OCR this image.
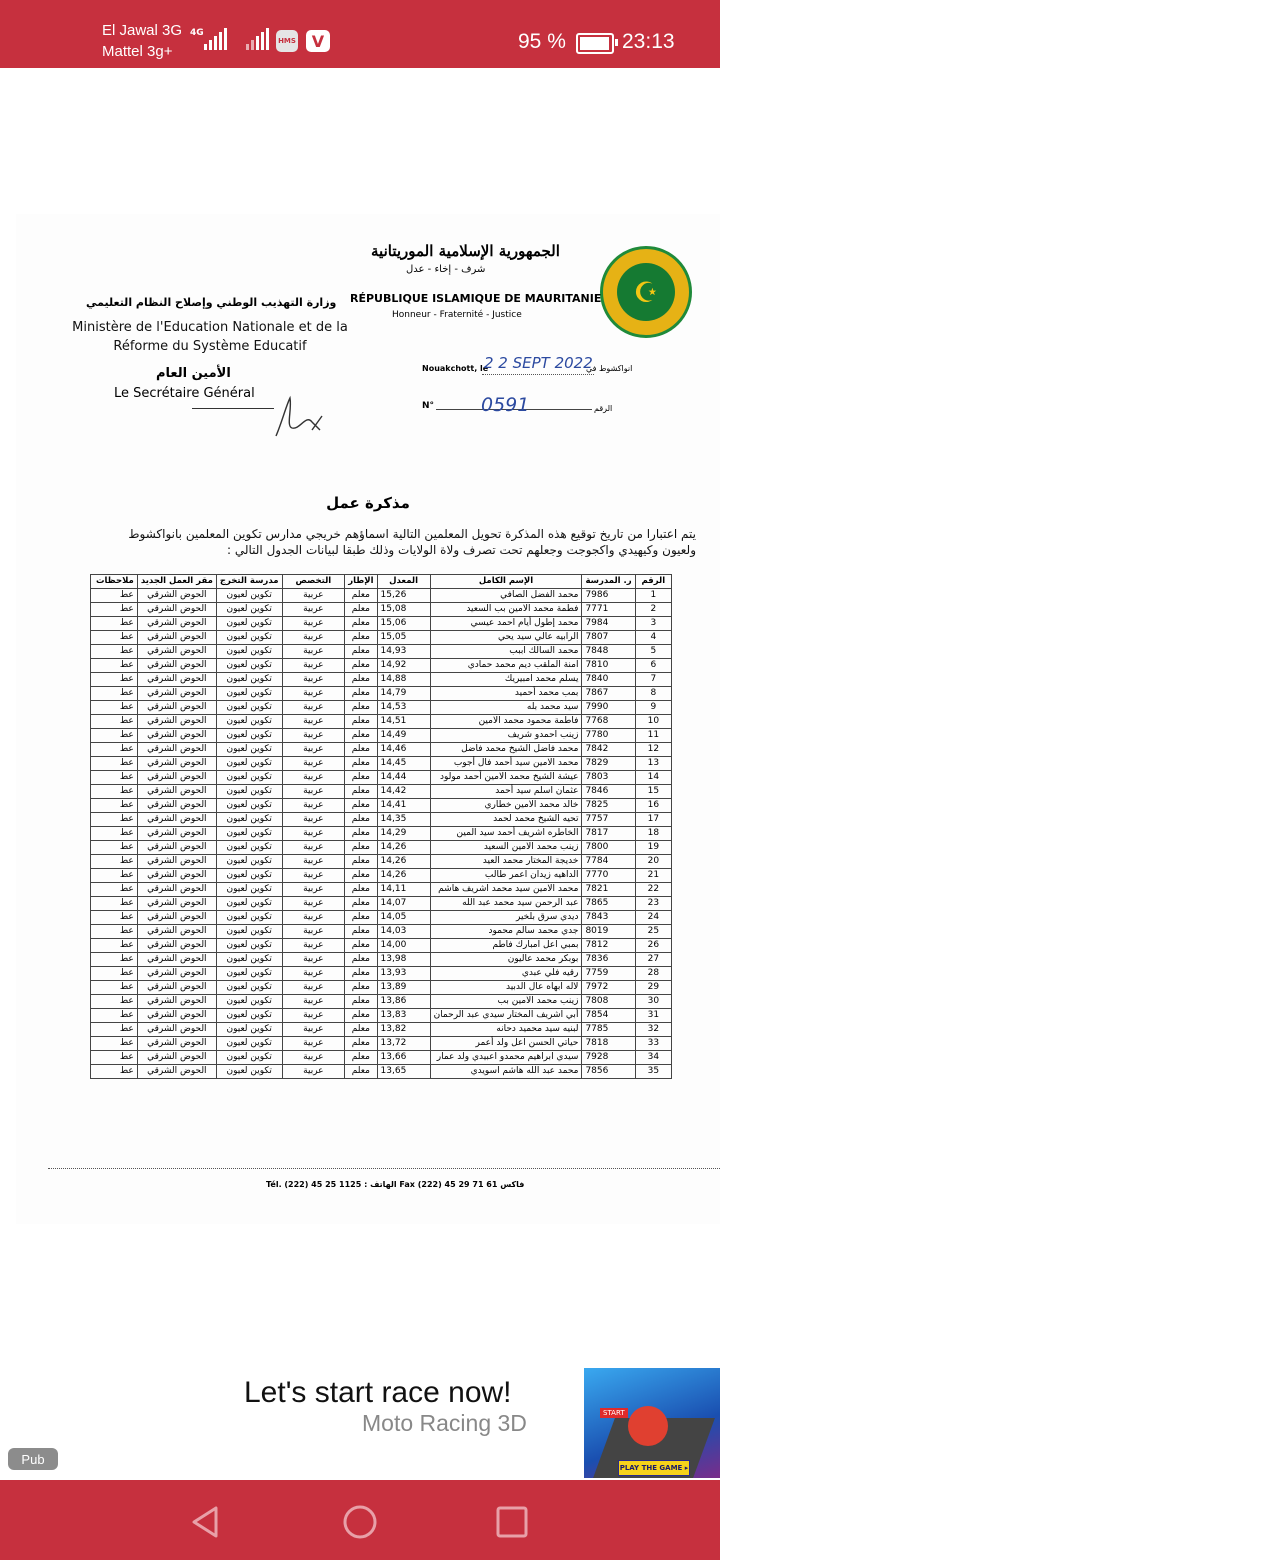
El Jawal 3G
Mattel 3g+
4G
HMS V	95 %	23:13
☪
الجمهورية الإسلامية الموريتانية
شرف - إخاء - عدل
RÉPUBLIQUE ISLAMIQUE DE MAURITANIE
Honneur - Fraternité - Justice
وزارة التهذيب الوطني وإصلاح النظام التعليمي
Ministère de l'Education Nationale et de la Réforme du Système Educatif
الأمين العام
Le Secrétaire Général
Nouakchott, le
2 2 SEPT 2022
انواكشوط في
N° 0591	الرقم
مذكرة عمل
يتم اعتبارا من تاريخ توقيع هذه المذكرة تحويل المعلمين التالية اسماؤهم خريجي مدارس تكوين المعلمين بانواكشوط ولعيون وكيهيدي واكجوجت وجعلهم تحت تصرف ولاة الولايات وذلك طبقا لبيانات الجدول التالي :
الرقم	ر. المدرسة	الإسم الكامل	المعدل	الإطار	التخصص	مدرسة التخرج	مقر العمل الجديد	ملاحظات
1	7986	محمد الفضل الصافي	15,26	معلم	عربية	تكوين لعيون	الحوض الشرقي	عط
2	7771	فطمة محمد الامين بب السعيد	15,08	معلم	عربية	تكوين لعيون	الحوض الشرقي	عط
3	7984	محمد إطول أيام احمد عيسي	15,06	معلم	عربية	تكوين لعيون	الحوض الشرقي	عط
4	7807	الرابيه عالي سيد يحي	15,05	معلم	عربية	تكوين لعيون	الحوض الشرقي	عط
5	7848	محمد السالك اببب	14,93	معلم	عربية	تكوين لعيون	الحوض الشرقي	عط
6	7810	امنة الملقب ديم محمد حمادي	14,92	معلم	عربية	تكوين لعيون	الحوض الشرقي	عط
7	7840	يسلم محمد امبيريك	14,88	معلم	عربية	تكوين لعيون	الحوض الشرقي	عط
8	7867	بمب محمد أحميد	14,79	معلم	عربية	تكوين لعيون	الحوض الشرقي	عط
9	7990	سيد محمد بله	14,53	معلم	عربية	تكوين لعيون	الحوض الشرقي	عط
10	7768	فاطمة محمود محمد الامين	14,51	معلم	عربية	تكوين لعيون	الحوض الشرقي	عط
11	7780	زينب احمدو شريف	14,49	معلم	عربية	تكوين لعيون	الحوض الشرقي	عط
12	7842	محمد فاضل الشيخ محمد فاضل	14,46	معلم	عربية	تكوين لعيون	الحوض الشرقي	عط
13	7829	محمد الامين سيد أحمد فال أجوب	14,45	معلم	عربية	تكوين لعيون	الحوض الشرقي	عط
14	7803	عيشة الشيخ محمد الامين أحمد مولود	14,44	معلم	عربية	تكوين لعيون	الحوض الشرقي	عط
15	7846	عثمان اسلم سيد أحمد	14,42	معلم	عربية	تكوين لعيون	الحوض الشرقي	عط
16	7825	خالد محمد الامين خطاري	14,41	معلم	عربية	تكوين لعيون	الحوض الشرقي	عط
17	7757	تحيه الشيخ محمد لحمد	14,35	معلم	عربية	تكوين لعيون	الحوض الشرقي	عط
18	7817	الخاطره اشريف أحمد سيد المين	14,29	معلم	عربية	تكوين لعيون	الحوض الشرقي	عط
19	7800	زينب محمد الامين السعيد	14,26	معلم	عربية	تكوين لعيون	الحوض الشرقي	عط
20	7784	خديجة المختار محمد العيد	14,26	معلم	عربية	تكوين لعيون	الحوض الشرقي	عط
21	7770	الداهيه زيدان اعمر طالب	14,26	معلم	عربية	تكوين لعيون	الحوض الشرقي	عط
22	7821	محمد الامين سيد محمد اشريف هاشم	14,11	معلم	عربية	تكوين لعيون	الحوض الشرقي	عط
23	7865	عبد الرحمن سيد محمد عبد الله	14,07	معلم	عربية	تكوين لعيون	الحوض الشرقي	عط
24	7843	ديدي سرق بلخير	14,05	معلم	عربية	تكوين لعيون	الحوض الشرقي	عط
25	8019	جدي محمد سالم محمود	14,03	معلم	عربية	تكوين لعيون	الحوض الشرقي	عط
26	7812	بمبي اعل امبارك فاطم	14,00	معلم	عربية	تكوين لعيون	الحوض الشرقي	عط
27	7836	بوبكر محمد عاليون	13,98	معلم	عربية	تكوين لعيون	الحوض الشرقي	عط
28	7759	رقيه فلي عبدي	13,93	معلم	عربية	تكوين لعيون	الحوض الشرقي	عط
29	7972	لاله ابهاه عال الدبيد	13,89	معلم	عربية	تكوين لعيون	الحوض الشرقي	عط
30	7808	زينب محمد الامين بب	13,86	معلم	عربية	تكوين لعيون	الحوض الشرقي	عط
31	7854	أبي اشريف المختار سيدي عبد الرحمان	13,83	معلم	عربية	تكوين لعيون	الحوض الشرقي	عط
32	7785	لبنيه سيد محميد دحانه	13,82	معلم	عربية	تكوين لعيون	الحوض الشرقي	عط
33	7818	حياتي الحسن اعل ولد أعمر	13,72	معلم	عربية	تكوين لعيون	الحوض الشرقي	عط
34	7928	سيدي ابراهيم محمدو اعبيدي ولد عمار	13,66	معلم	عربية	تكوين لعيون	الحوض الشرقي	عط
35	7856	محمد عبد الله هاشم اسويدي	13,65	معلم	عربية	تكوين لعيون	الحوض الشرقي	عط
Tél. (222) 45 25 1125 : الهاتف Fax (222) 45 29 71 61 فاكس
Let's start race now!
Moto Racing 3D
Pub
START
PLAY THE GAME ▸
✕
